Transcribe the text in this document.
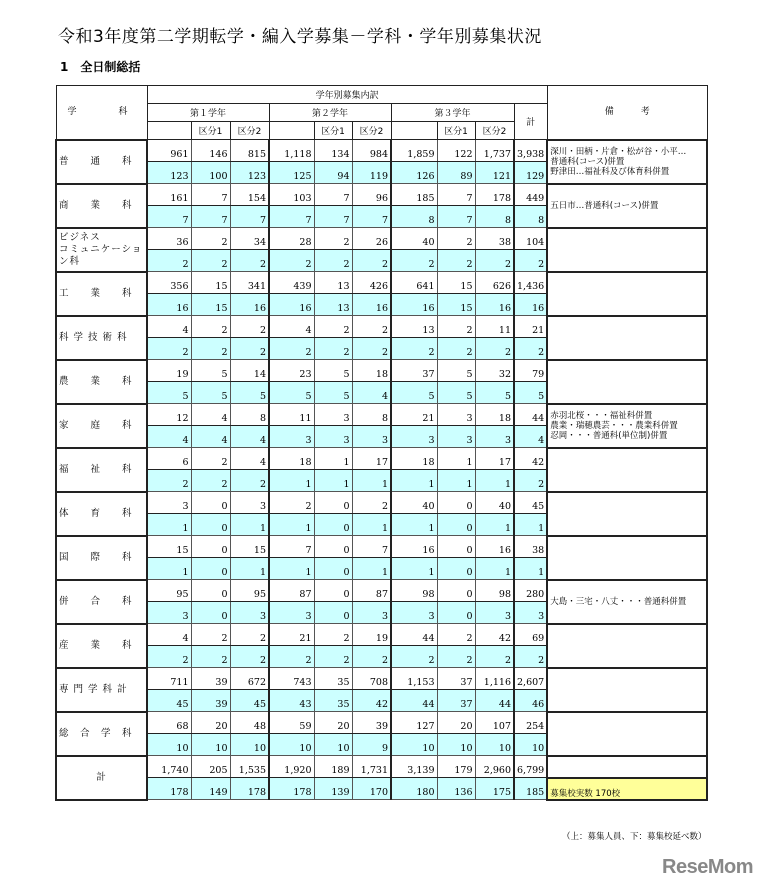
令和3年度第二学期転学・編入学募集－学科・学年別募集状況
1　全日制総括
学　　科	学年別募集内訳										備　　　考
	第１学年			第２学年			第３学年			計	
		区分1	区分2		区分1	区分2		区分1	区分2		
普　　通　　科	961	146	815	1,118	134	984	1,859	122	1,737	3,938	深川・田柄・片倉・松が谷・小平…
普通科(コース)併置
野津田…福祉科及び体育科併置
	123	100	123	125	94	119	126	89	121	129	
商　　業　　科	161	7	154	103	7	96	185	7	178	449	五日市…普通科(コース)併置
	7	7	7	7	7	7	8	7	8	8	
ビジネス
コミュニケーション科	36	2	34	28	2	26	40	2	38	104	
	2	2	2	2	2	2	2	2	2	2	
工　　業　　科	356	15	341	439	13	426	641	15	626	1,436	
	16	15	16	16	13	16	16	15	16	16	
科 学 技 術 科	4	2	2	4	2	2	13	2	11	21	
	2	2	2	2	2	2	2	2	2	2	
農　　業　　科	19	5	14	23	5	18	37	5	32	79	
	5	5	5	5	5	4	5	5	5	5	
家　　庭　　科	12	4	8	11	3	8	21	3	18	44	赤羽北桜・・・福祉科併置
農業・瑞穂農芸・・・農業科併置
忍岡・・・普通科(単位制)併置
	4	4	4	3	3	3	3	3	3	4	
福　　祉　　科	6	2	4	18	1	17	18	1	17	42	
	2	2	2	1	1	1	1	1	1	2	
体　　育　　科	3	0	3	2	0	2	40	0	40	45	
	1	0	1	1	0	1	1	0	1	1	
国　　際　　科	15	0	15	7	0	7	16	0	16	38	
	1	0	1	1	0	1	1	0	1	1	
併　　合　　科	95	0	95	87	0	87	98	0	98	280	大島・三宅・八丈・・・普通科併置
	3	0	3	3	0	3	3	0	3	3	
産　　業　　科	4	2	2	21	2	19	44	2	42	69	
	2	2	2	2	2	2	2	2	2	2	
専 門 学 科 計	711	39	672	743	35	708	1,153	37	1,116	2,607	
	45	39	45	43	35	42	44	37	44	46	
総　合　学　科	68	20	48	59	20	39	127	20	107	254	
	10	10	10	10	10	9	10	10	10	10	
計	1,740	205	1,535	1,920	189	1,731	3,139	179	2,960	6,799	
	178	149	178	178	139	170	180	136	175	185	募集校実数 170校
（上：募集人員、下：募集校延べ数）
ReseMom
